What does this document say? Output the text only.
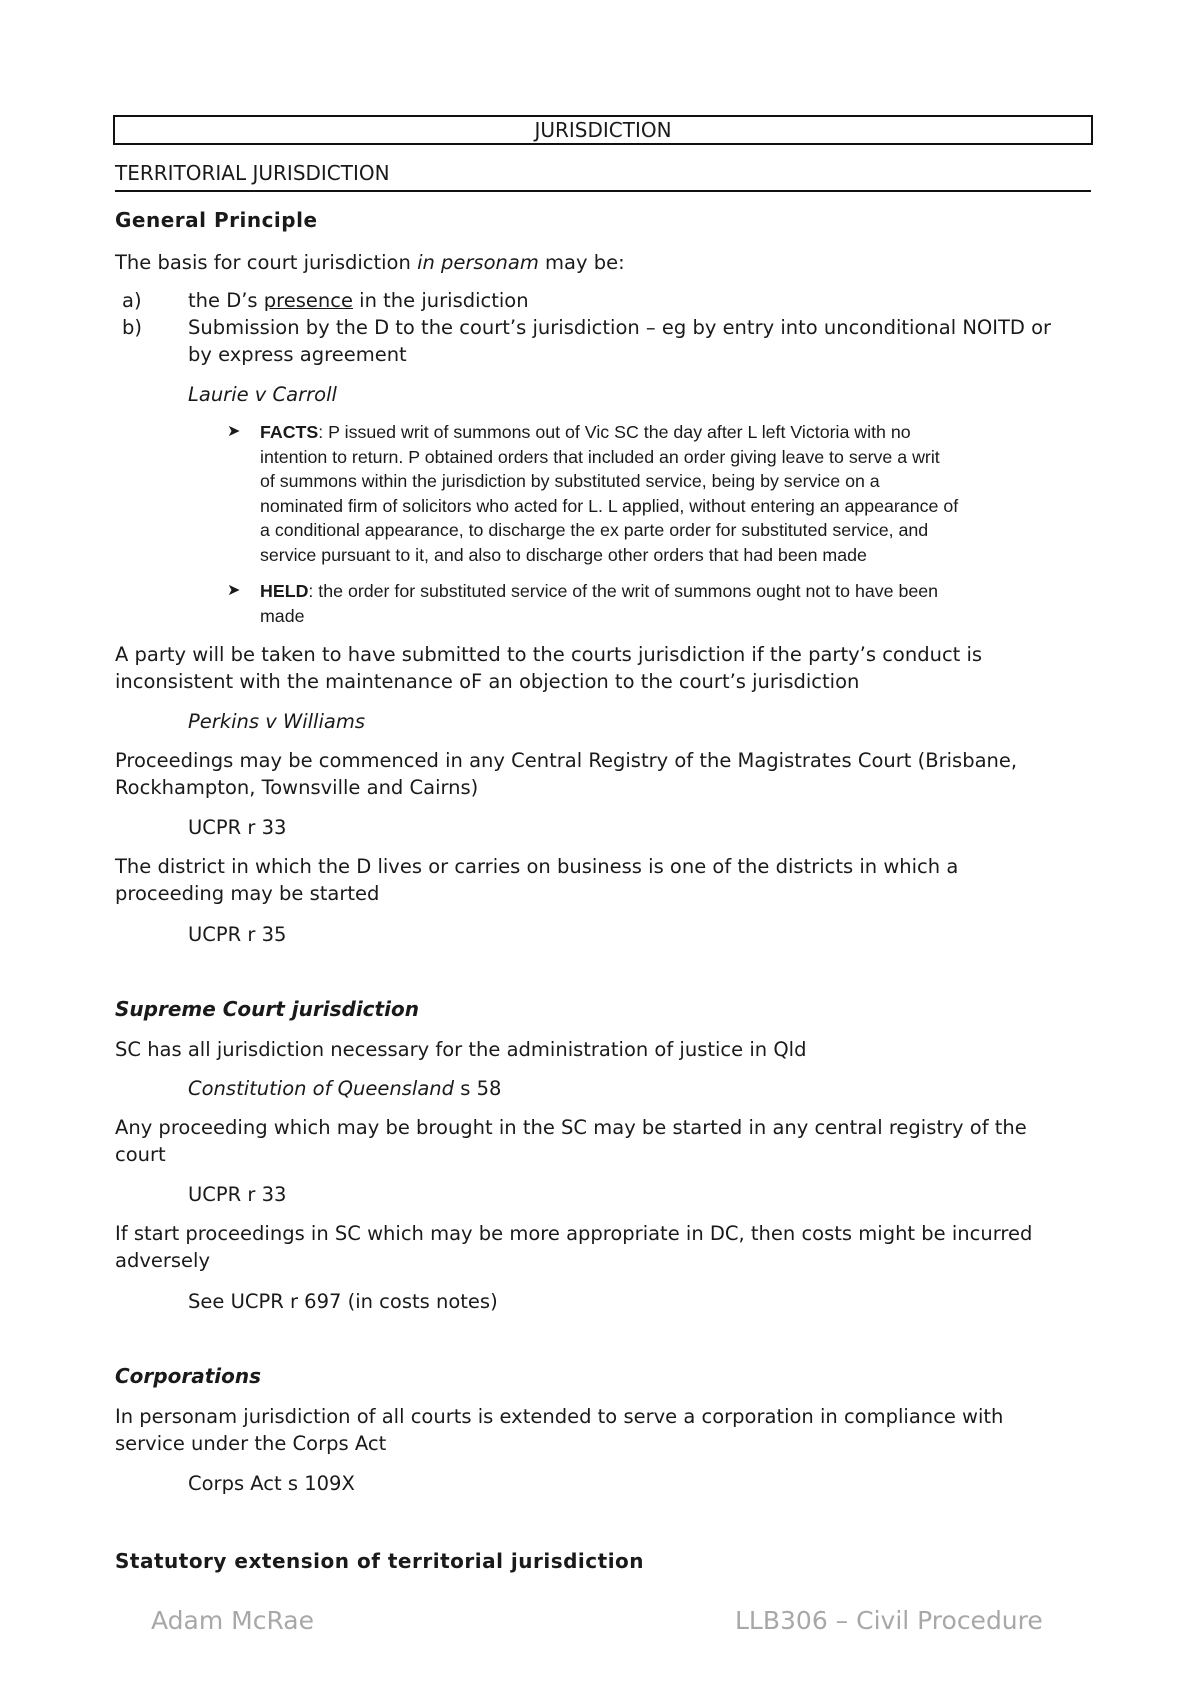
JURISDICTION
TERRITORIAL JURISDICTION
General Principle
The basis for court jurisdiction in personam may be:
a) the D’s presence in the jurisdiction
b) Submission by the D to the court’s jurisdiction – eg by entry into unconditional NOITD or
by express agreement
Laurie v Carroll
➤ FACTS: P issued writ of summons out of Vic SC the day after L left Victoria with no
intention to return. P obtained orders that included an order giving leave to serve a writ
of summons within the jurisdiction by substituted service, being by service on a
nominated firm of solicitors who acted for L. L applied, without entering an appearance of
a conditional appearance, to discharge the ex parte order for substituted service, and
service pursuant to it, and also to discharge other orders that had been made
➤ HELD: the order for substituted service of the writ of summons ought not to have been
made
A party will be taken to have submitted to the courts jurisdiction if the party’s conduct is
inconsistent with the maintenance oF an objection to the court’s jurisdiction
Perkins v Williams
Proceedings may be commenced in any Central Registry of the Magistrates Court (Brisbane,
Rockhampton, Townsville and Cairns)
UCPR r 33
The district in which the D lives or carries on business is one of the districts in which a
proceeding may be started
UCPR r 35
Supreme Court jurisdiction
SC has all jurisdiction necessary for the administration of justice in Qld
Constitution of Queensland s 58
Any proceeding which may be brought in the SC may be started in any central registry of the
court
UCPR r 33
If start proceedings in SC which may be more appropriate in DC, then costs might be incurred
adversely
See UCPR r 697 (in costs notes)
Corporations
In personam jurisdiction of all courts is extended to serve a corporation in compliance with
service under the Corps Act
Corps Act s 109X
Statutory extension of territorial jurisdiction
Adam McRae	LLB306 – Civil Procedure
